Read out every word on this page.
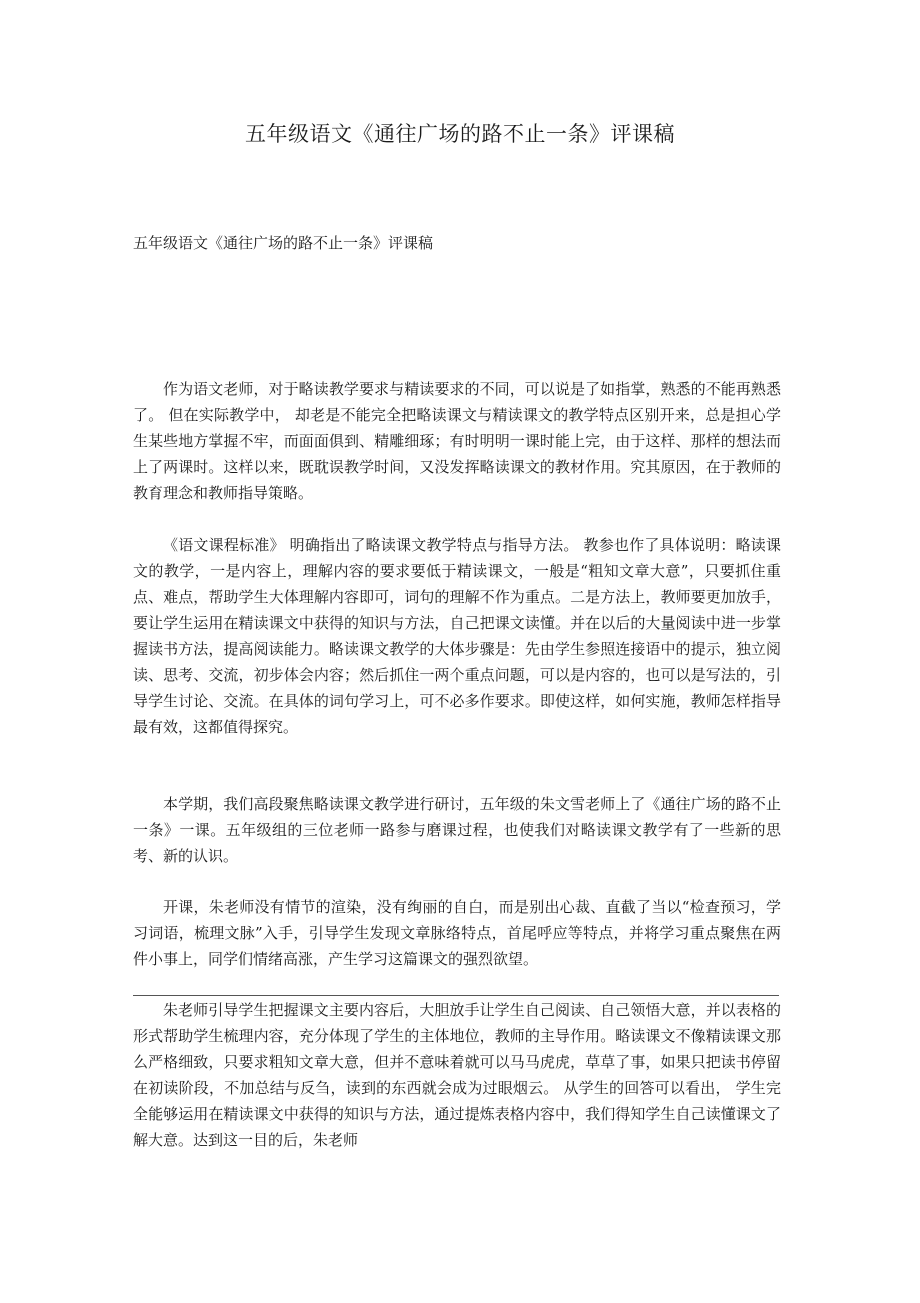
五年级语文《通往广场的路不止一条》评课稿

五年级语文《通往广场的路不止一条》评课稿

作为语文老师，对于略读教学要求与精读要求的不同，可以说是了如指掌，熟悉的不能再熟悉了。 但在实际教学中， 却老是不能完全把略读课文与精读课文的教学特点区别开来，总是担心学生某些地方掌握不牢，而面面俱到、精雕细琢；有时明明一课时能上完，由于这样、那样的想法而上了两课时。这样以来，既耽误教学时间，又没发挥略读课文的教材作用。究其原因，在于教师的教育理念和教师指导策略。

《语文课程标准》 明确指出了略读课文教学特点与指导方法。 教参也作了具体说明：略读课文的教学，一是内容上，理解内容的要求要低于精读课文，一般是“粗知文章大意”，只要抓住重点、难点，帮助学生大体理解内容即可，词句的理解不作为重点。二是方法上，教师要更加放手，要让学生运用在精读课文中获得的知识与方法，自己把课文读懂。并在以后的大量阅读中进一步掌握读书方法，提高阅读能力。略读课文教学的大体步骤是：先由学生参照连接语中的提示，独立阅读、思考、交流，初步体会内容；然后抓住一两个重点问题，可以是内容的，也可以是写法的，引导学生讨论、交流。在具体的词句学习上，可不必多作要求。即使这样，如何实施，教师怎样指导最有效，这都值得探究。

本学期，我们高段聚焦略读课文教学进行研讨，五年级的朱文雪老师上了《通往广场的路不止一条》一课。五年级组的三位老师一路参与磨课过程，也使我们对略读课文教学有了一些新的思考、新的认识。

开课，朱老师没有情节的渲染，没有绚丽的自白，而是别出心裁、直截了当以“检查预习，学习词语，梳理文脉”入手，引导学生发现文章脉络特点，首尾呼应等特点，并将学习重点聚焦在两件小事上，同学们情绪高涨，产生学习这篇课文的强烈欲望。

朱老师引导学生把握课文主要内容后，大胆放手让学生自己阅读、自己领悟大意，并以表格的形式帮助学生梳理内容，充分体现了学生的主体地位，教师的主导作用。略读课文不像精读课文那么严格细致，只要求粗知文章大意，但并不意味着就可以马马虎虎，草草了事，如果只把读书停留在初读阶段，不加总结与反刍，读到的东西就会成为过眼烟云。 从学生的回答可以看出， 学生完全能够运用在精读课文中获得的知识与方法，通过提炼表格内容中，我们得知学生自己读懂课文了解大意。达到这一目的后，朱老师
